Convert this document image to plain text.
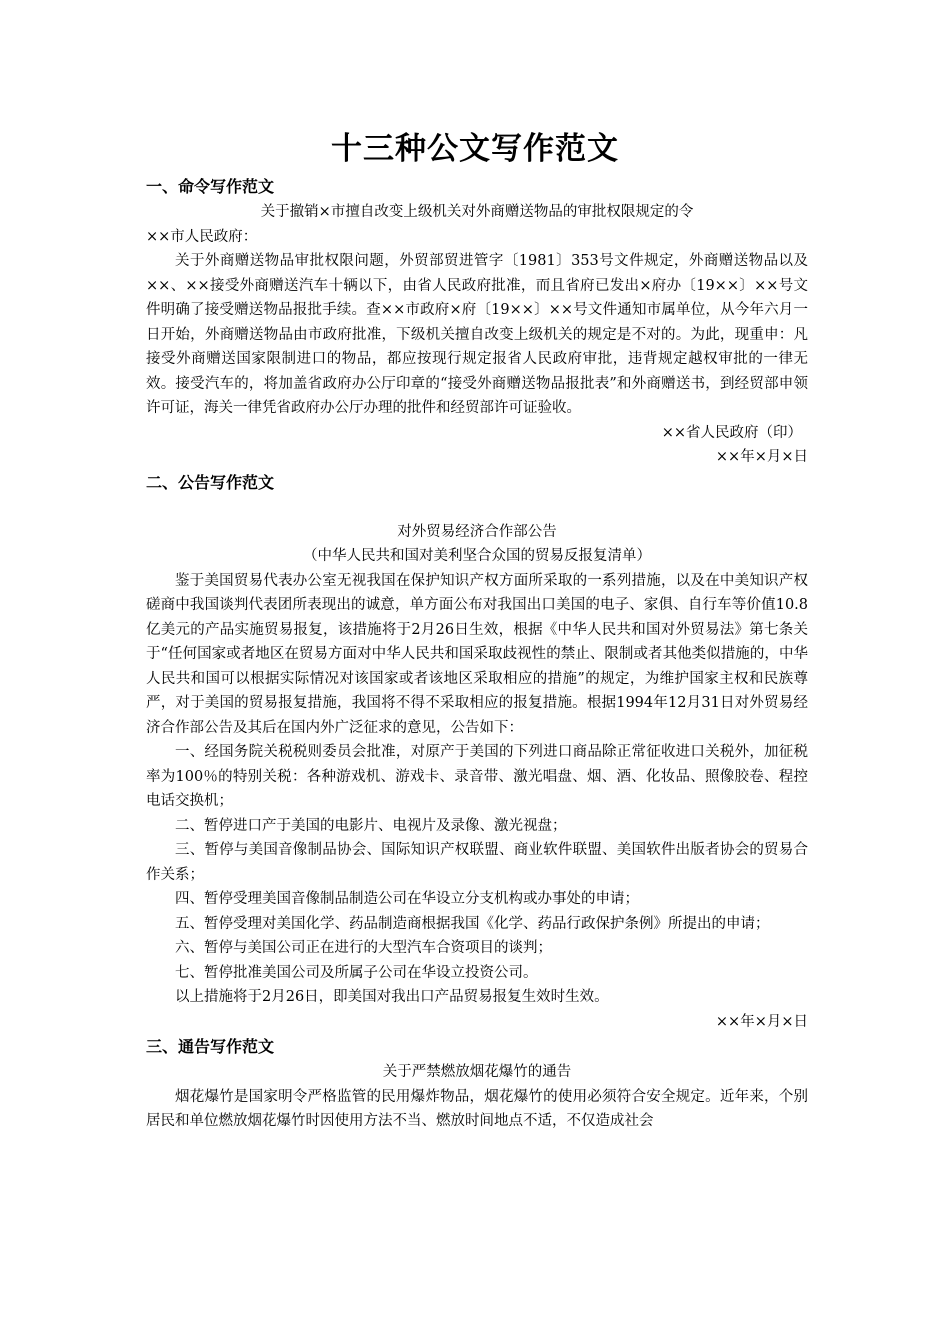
十三种公文写作范文
一、命令写作范文

关于撤销×市擅自改变上级机关对外商赠送物品的审批权限规定的令

××市人民政府：

关于外商赠送物品审批权限问题，外贸部贸进管字〔1981〕353号文件规定，外商赠送物品以及××、××接受外商赠送汽车十辆以下，由省人民政府批准，而且省府已发出×府办〔19××〕××号文件明确了接受赠送物品报批手续。查××市政府×府〔19××〕××号文件通知市属单位，从今年六月一日开始，外商赠送物品由市政府批准，下级机关擅自改变上级机关的规定是不对的。为此，现重申：凡接受外商赠送国家限制进口的物品，都应按现行规定报省人民政府审批，违背规定越权审批的一律无效。接受汽车的，将加盖省政府办公厅印章的“接受外商赠送物品报批表”和外商赠送书，到经贸部申领许可证，海关一律凭省政府办公厅办理的批件和经贸部许可证验收。

××省人民政府（印）

××年×月×日

二、公告写作范文

对外贸易经济合作部公告

（中华人民共和国对美利坚合众国的贸易反报复清单）

鉴于美国贸易代表办公室无视我国在保护知识产权方面所采取的一系列措施，以及在中美知识产权磋商中我国谈判代表团所表现出的诚意，单方面公布对我国出口美国的电子、家俱、自行车等价值10.8亿美元的产品实施贸易报复，该措施将于2月26日生效，根据《中华人民共和国对外贸易法》第七条关于“任何国家或者地区在贸易方面对中华人民共和国采取歧视性的禁止、限制或者其他类似措施的，中华人民共和国可以根据实际情况对该国家或者该地区采取相应的措施”的规定，为维护国家主权和民族尊严，对于美国的贸易报复措施，我国将不得不采取相应的报复措施。根据1994年12月31日对外贸易经济合作部公告及其后在国内外广泛征求的意见，公告如下：

一、经国务院关税税则委员会批准，对原产于美国的下列进口商品除正常征收进口关税外，加征税率为100％的特别关税：各种游戏机、游戏卡、录音带、激光唱盘、烟、酒、化妆品、照像胶卷、程控电话交换机；

二、暂停进口产于美国的电影片、电视片及录像、激光视盘；

三、暂停与美国音像制品协会、国际知识产权联盟、商业软件联盟、美国软件出版者协会的贸易合作关系；

四、暂停受理美国音像制品制造公司在华设立分支机构或办事处的申请；

五、暂停受理对美国化学、药品制造商根据我国《化学、药品行政保护条例》所提出的申请；

六、暂停与美国公司正在进行的大型汽车合资项目的谈判；

七、暂停批准美国公司及所属子公司在华设立投资公司。

以上措施将于2月26日，即美国对我出口产品贸易报复生效时生效。

××年×月×日

三、通告写作范文

关于严禁燃放烟花爆竹的通告

烟花爆竹是国家明令严格监管的民用爆炸物品，烟花爆竹的使用必须符合安全规定。近年来，个别居民和单位燃放烟花爆竹时因使用方法不当、燃放时间地点不适，不仅造成社会
